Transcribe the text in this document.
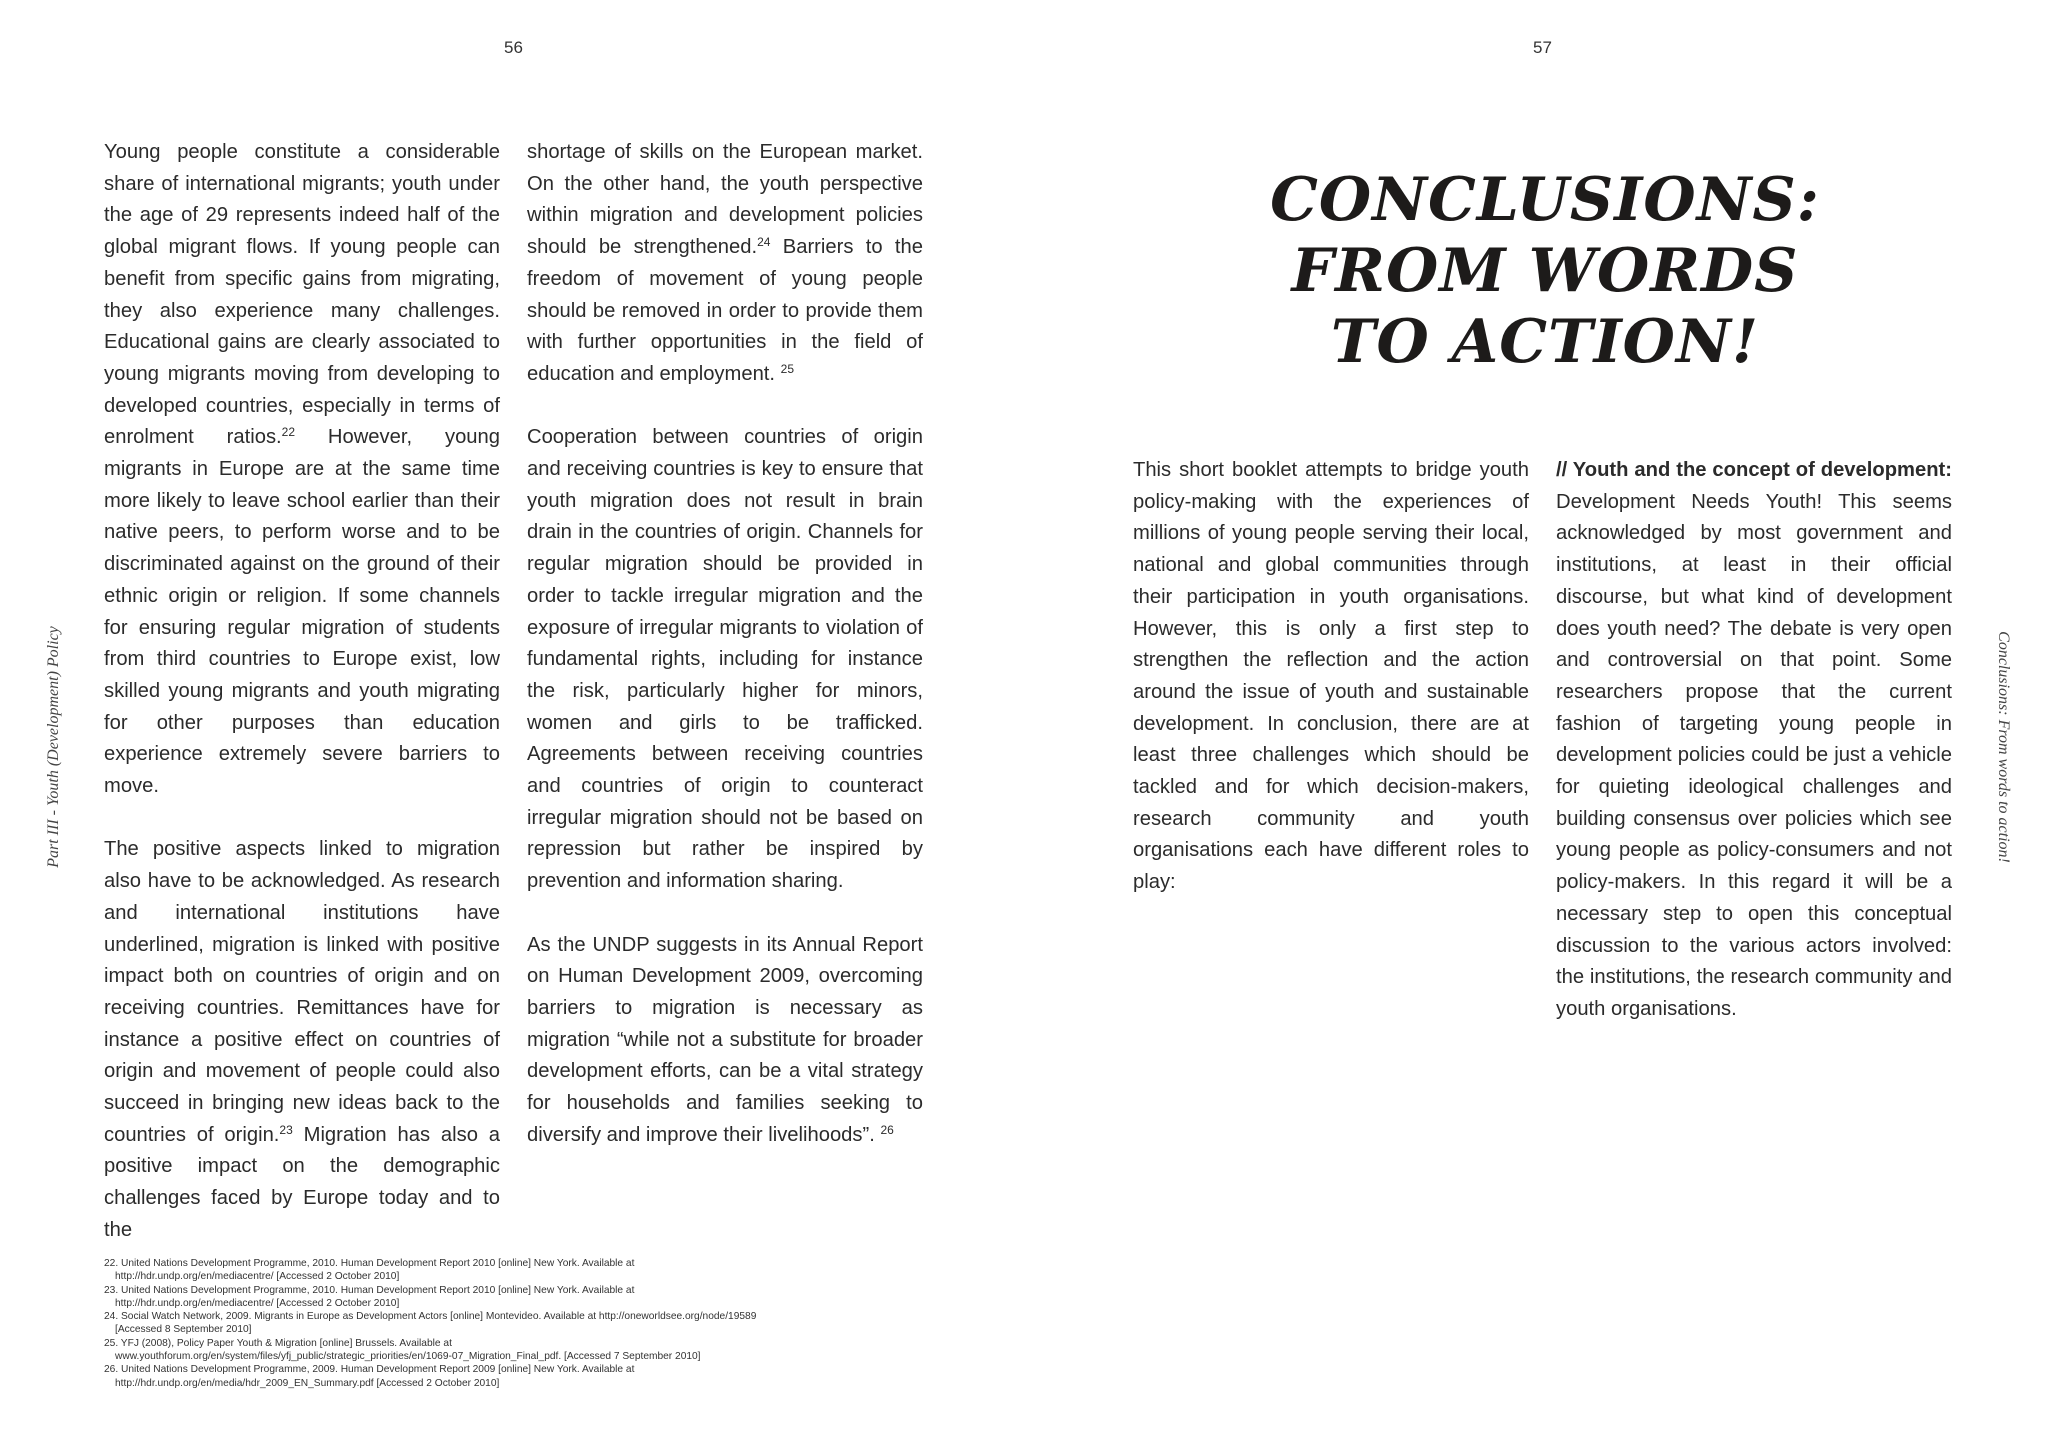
56	57
Part III - Youth (Development) Policy	Conclusions: From words to action!

Young people constitute a considerable share of international migrants; youth under the age of 29 represents indeed half of the global migrant flows. If young people can benefit from specific gains from migrating, they also experience many challenges. Educational gains are clearly associated to young migrants moving from developing to developed countries, especially in terms of enrolment ratios.$^{22}$ However, young migrants in Europe are at the same time more likely to leave school earlier than their native peers, to perform worse and to be discriminated against on the ground of their ethnic origin or religion. If some channels for ensuring regular migration of students from third countries to Europe exist, low skilled young migrants and youth migrating for other purposes than education experience extremely severe barriers to move.

The positive aspects linked to migration also have to be acknowledged. As research and international institutions have underlined, migration is linked with positive impact both on countries of origin and on receiving countries. Remittances have for instance a positive effect on countries of origin and movement of people could also succeed in bringing new ideas back to the countries of origin.$^{23}$ Migration has also a positive impact on the demographic challenges faced by Europe today and to the

shortage of skills on the European market. On the other hand, the youth perspective within migration and development policies should be strengthened.$^{24}$ Barriers to the freedom of movement of young people should be removed in order to provide them with further opportunities in the field of education and employment. $^{25}$

Cooperation between countries of origin and receiving countries is key to ensure that youth migration does not result in brain drain in the countries of origin. Channels for regular migration should be provided in order to tackle irregular migration and the exposure of irregular migrants to violation of fundamental rights, including for instance the risk, particularly higher for minors, women and girls to be trafficked. Agreements between receiving countries and countries of origin to counteract irregular migration should not be based on repression but rather be inspired by prevention and information sharing.

As the UNDP suggests in its Annual Report on Human Development 2009, overcoming barriers to migration is necessary as migration “while not a substitute for broader development efforts, can be a vital strategy for households and families seeking to diversify and improve their livelihoods”. $^{26}$

22. United Nations Development Programme, 2010. Human Development Report 2010 [online] New York. Available at
http://hdr.undp.org/en/mediacentre/ [Accessed 2 October 2010]

23. United Nations Development Programme, 2010. Human Development Report 2010 [online] New York. Available at
http://hdr.undp.org/en/mediacentre/ [Accessed 2 October 2010]

24. Social Watch Network, 2009. Migrants in Europe as Development Actors [online] Montevideo. Available at http://oneworldsee.org/node/19589
[Accessed 8 September 2010]

25. YFJ (2008), Policy Paper Youth & Migration [online] Brussels. Available at
www.youthforum.org/en/system/files/yfj_public/strategic_priorities/en/1069-07_Migration_Final_pdf. [Accessed 7 September 2010]

26. United Nations Development Programme, 2009. Human Development Report 2009 [online] New York. Available at
http://hdr.undp.org/en/media/hdr_2009_EN_Summary.pdf [Accessed 2 October 2010]

CONCLUSIONS:
FROM WORDS
TO ACTION!

This short booklet attempts to bridge youth policy-making with the experiences of millions of young people serving their local, national and global communities through their participation in youth organisations. However, this is only a first step to strengthen the reflection and the action around the issue of youth and sustainable development. In conclusion, there are at least three challenges which should be tackled and for which decision-makers, research community and youth organisations each have different roles to play:

// Youth and the concept of development: Development Needs Youth! This seems acknowledged by most government and institutions, at least in their official discourse, but what kind of development does youth need? The debate is very open and controversial on that point. Some researchers propose that the current fashion of targeting young people in development policies could be just a vehicle for quieting ideological challenges and building consensus over policies which see young people as policy-consumers and not policy-makers. In this regard it will be a necessary step to open this conceptual discussion to the various actors involved: the institutions, the research community and youth organisations.
